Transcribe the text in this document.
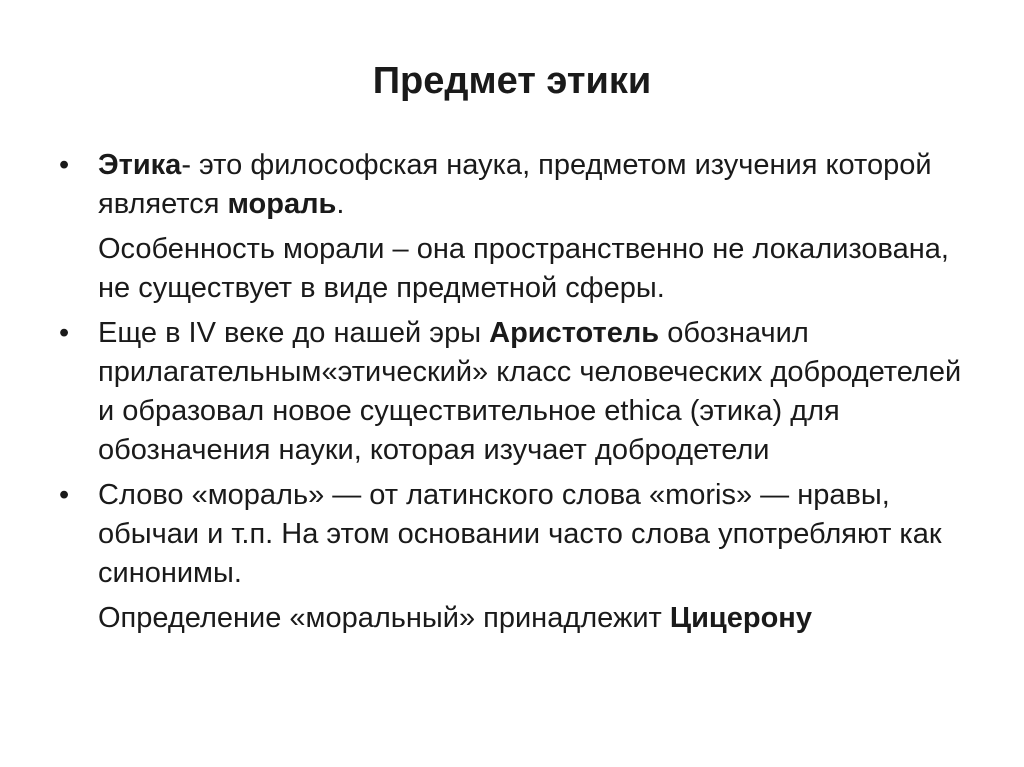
Предмет этики

• Этика- это философская наука, предметом изучения которой является мораль.

Особенность морали – она пространственно не локализована, не существует в виде предметной сферы.

• Еще в IV веке до нашей эры Аристотель обозначил прилагательным«этический» класс человеческих добродетелей и образовал новое существительное ethica (этика) для обозначения науки, которая изучает добродетели

• Слово «мораль» — от латинского слова «moris» — нравы, обычаи и т.п. На этом основании часто слова употребляют как синонимы.

Определение «моральный» принадлежит Цицерону
